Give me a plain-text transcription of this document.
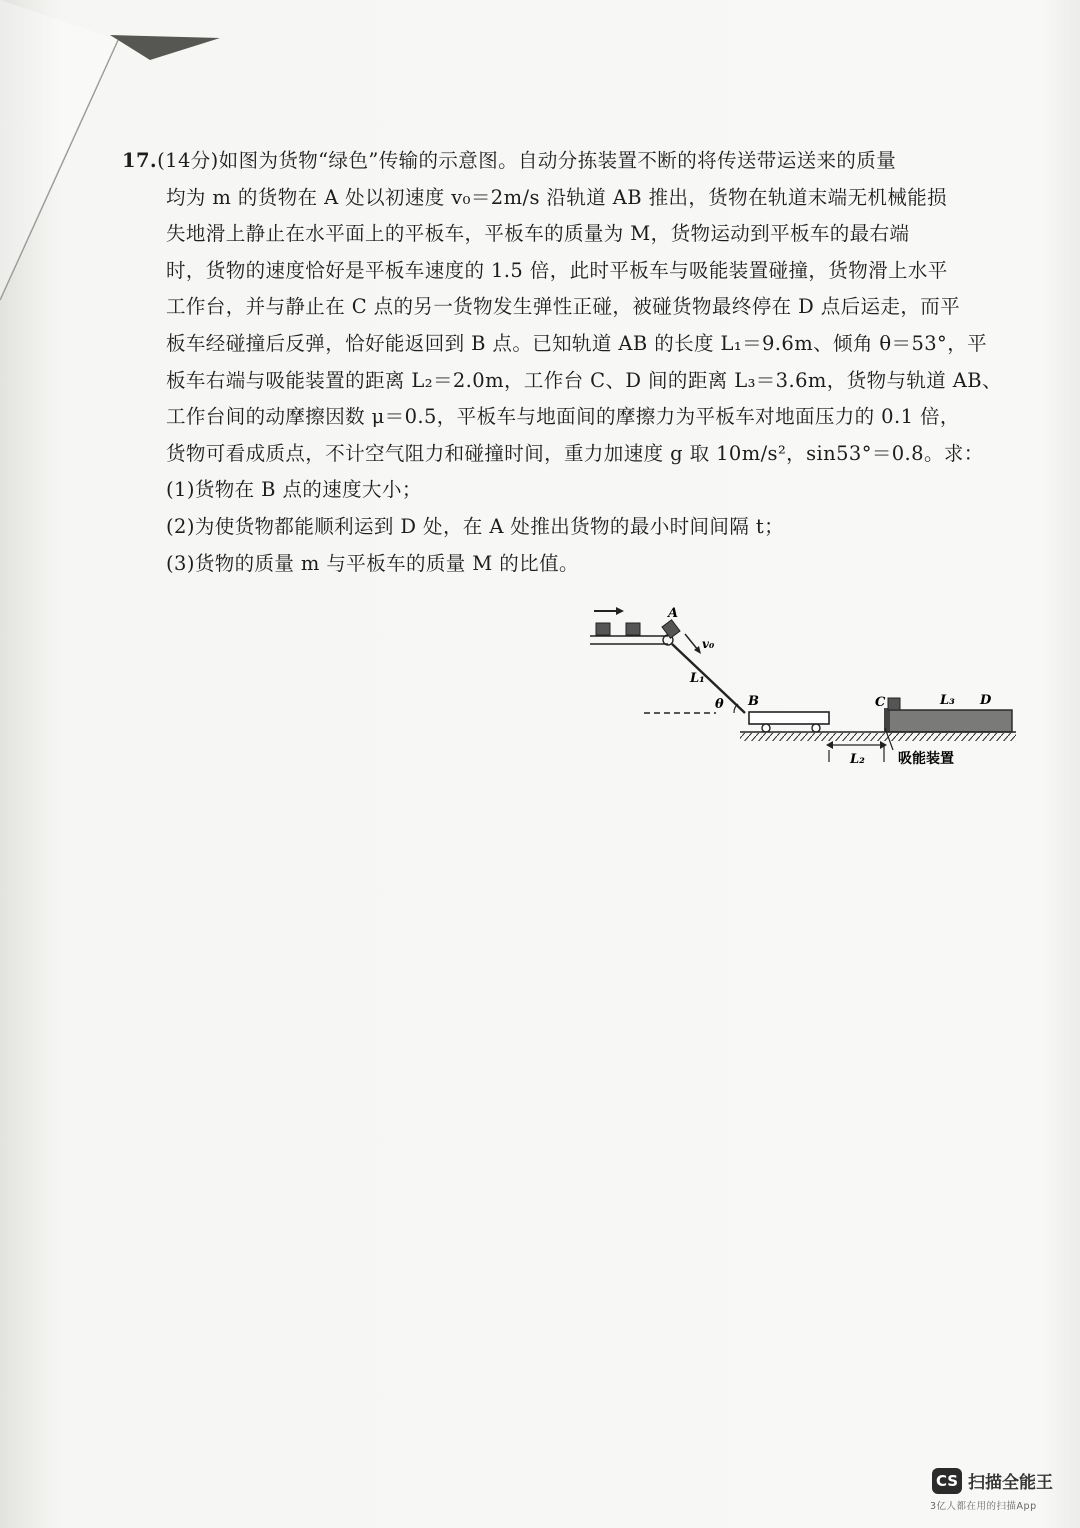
17.(14分)如图为货物“绿色”传输的示意图。自动分拣装置不断的将传送带运送来的质量
均为 m 的货物在 A 处以初速度 v₀＝2m/s 沿轨道 AB 推出，货物在轨道末端无机械能损
失地滑上静止在水平面上的平板车，平板车的质量为 M，货物运动到平板车的最右端
时，货物的速度恰好是平板车速度的 1.5 倍，此时平板车与吸能装置碰撞，货物滑上水平
工作台，并与静止在 C 点的另一货物发生弹性正碰，被碰货物最终停在 D 点后运走，而平
板车经碰撞后反弹，恰好能返回到 B 点。已知轨道 AB 的长度 L₁＝9.6m、倾角 θ＝53°，平
板车右端与吸能装置的距离 L₂＝2.0m，工作台 C、D 间的距离 L₃＝3.6m，货物与轨道 AB、
工作台间的动摩擦因数 μ＝0.5，平板车与地面间的摩擦力为平板车对地面压力的 0.1 倍，
货物可看成质点，不计空气阻力和碰撞时间，重力加速度 g 取 10m/s²，sin53°＝0.8。求：
(1)货物在 B 点的速度大小；
(2)为使货物都能顺利运到 D 处，在 A 处推出货物的最小时间间隔 t；
(3)货物的质量 m 与平板车的质量 M 的比值。

A
v₀
L₁
θ B
L₂
C	L₃ D
吸能装置
CS 扫描全能王
3亿人都在用的扫描App
